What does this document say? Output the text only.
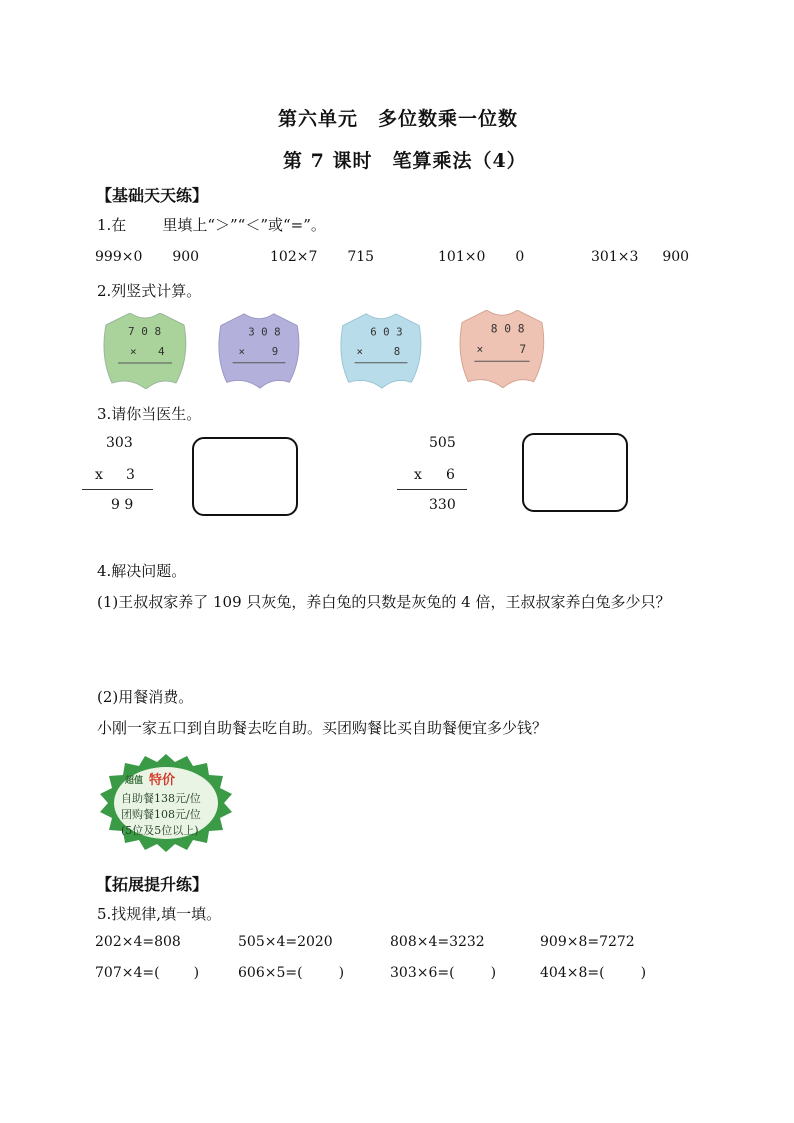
第六单元　多位数乘一位数
第 7 课时　笔算乘法（4）
【基础天天练】
1.在 里填上“＞”“＜”或“=”。
999×0 900	102×7 715	101×0 0	301×3 900
2.列竖式计算。
7 0 8
× 4
3 0 8
× 9
6 0 3
×	8
8 0 8
×	7
3.请你当医生。
303
x 3
9 9
505
x 6
330
4.解决问题。
(1)王叔叔家养了 109 只灰兔，养白兔的只数是灰兔的 4 倍，王叔叔家养白兔多少只？
(2)用餐消费。
小刚一家五口到自助餐去吃自助。买团购餐比买自助餐便宜多少钱？
超值 特价
自助餐138元/位
团购餐108元/位
(5位及5位以上)
【拓展提升练】
5.找规律,填一填。
202×4=808	505×4=2020	808×4=3232	909×8=7272
707×4=( )	606×5=(	)	303×6=(	)	404×8=(	)
